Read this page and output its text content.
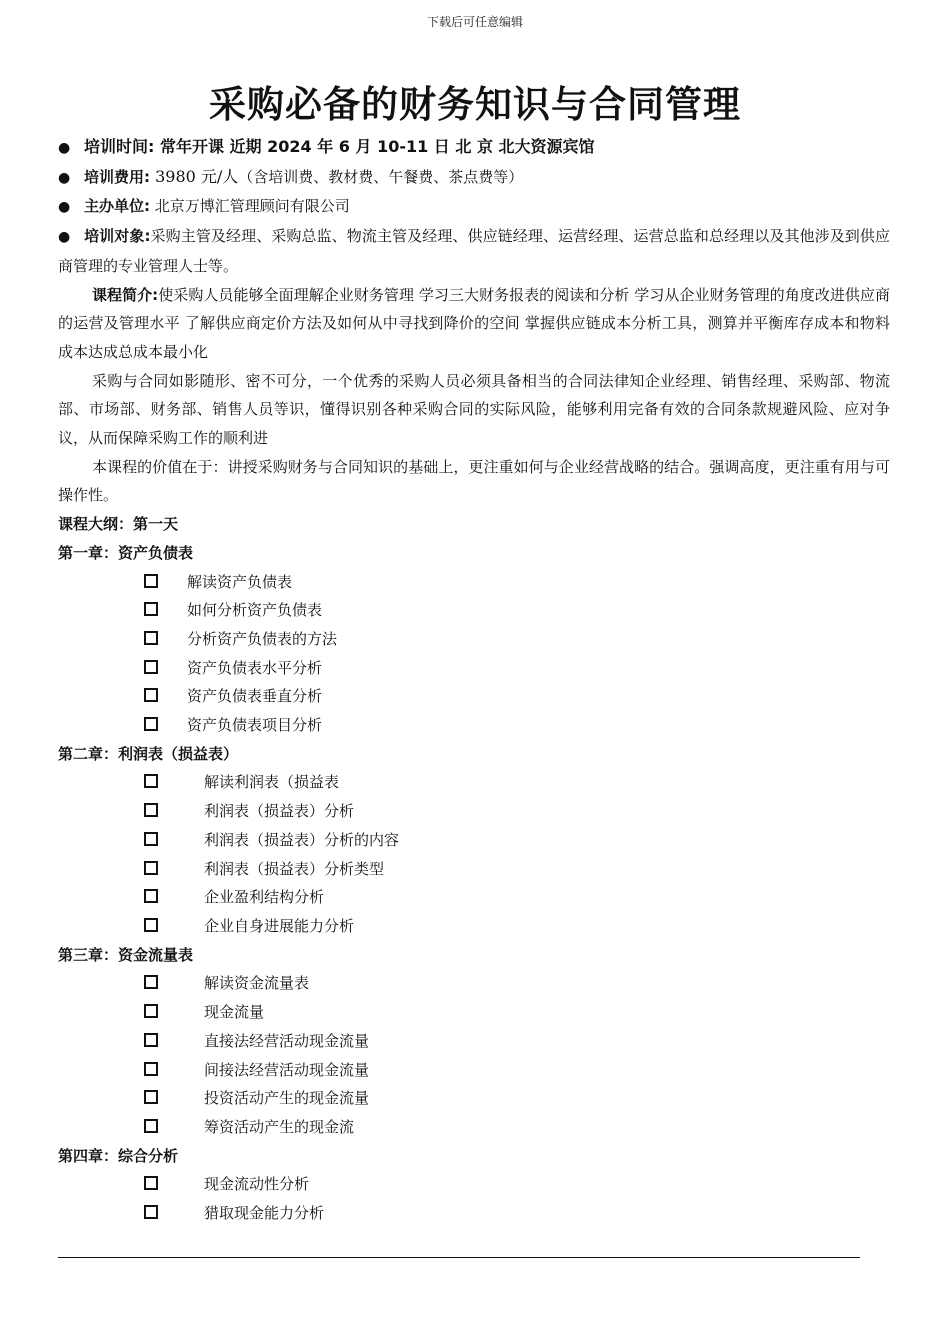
下载后可任意编辑
采购必备的财务知识与合同管理
● 培训时间: 常年开课 近期 2024 年 6 月 10-11 日 北 京 北大资源宾馆
● 培训费用: 3980 元/人（含培训费、教材费、午餐费、茶点费等）
● 主办单位: 北京万博汇管理顾问有限公司
● 培训对象:采购主管及经理、采购总监、物流主管及经理、供应链经理、运营经理、运营总监和总经理以及其他涉及到供应商管理的专业管理人士等。
课程简介:使采购人员能够全面理解企业财务管理 学习三大财务报表的阅读和分析 学习从企业财务管理的角度改进供应商的运营及管理水平 了解供应商定价方法及如何从中寻找到降价的空间 掌握供应链成本分析工具，测算并平衡库存成本和物料成本达成总成本最小化
采购与合同如影随形、密不可分，一个优秀的采购人员必须具备相当的合同法律知企业经理、销售经理、采购部、物流部、市场部、财务部、销售人员等识，懂得识别各种采购合同的实际风险，能够利用完备有效的合同条款规避风险、应对争议，从而保障采购工作的顺利进
本课程的价值在于：讲授采购财务与合同知识的基础上，更注重如何与企业经营战略的结合。强调高度，更注重有用与可操作性。
课程大纲：第一天
第一章：资产负债表
解读资产负债表
如何分析资产负债表
分析资产负债表的方法
资产负债表水平分析
资产负债表垂直分析
资产负债表项目分析
第二章：利润表（损益表）
解读利润表（损益表
利润表（损益表）分析
利润表（损益表）分析的内容
利润表（损益表）分析类型
企业盈利结构分析
企业自身进展能力分析
第三章：资金流量表
解读资金流量表
现金流量
直接法经营活动现金流量
间接法经营活动现金流量
投资活动产生的现金流量
筹资活动产生的现金流
第四章：综合分析
现金流动性分析
猎取现金能力分析
